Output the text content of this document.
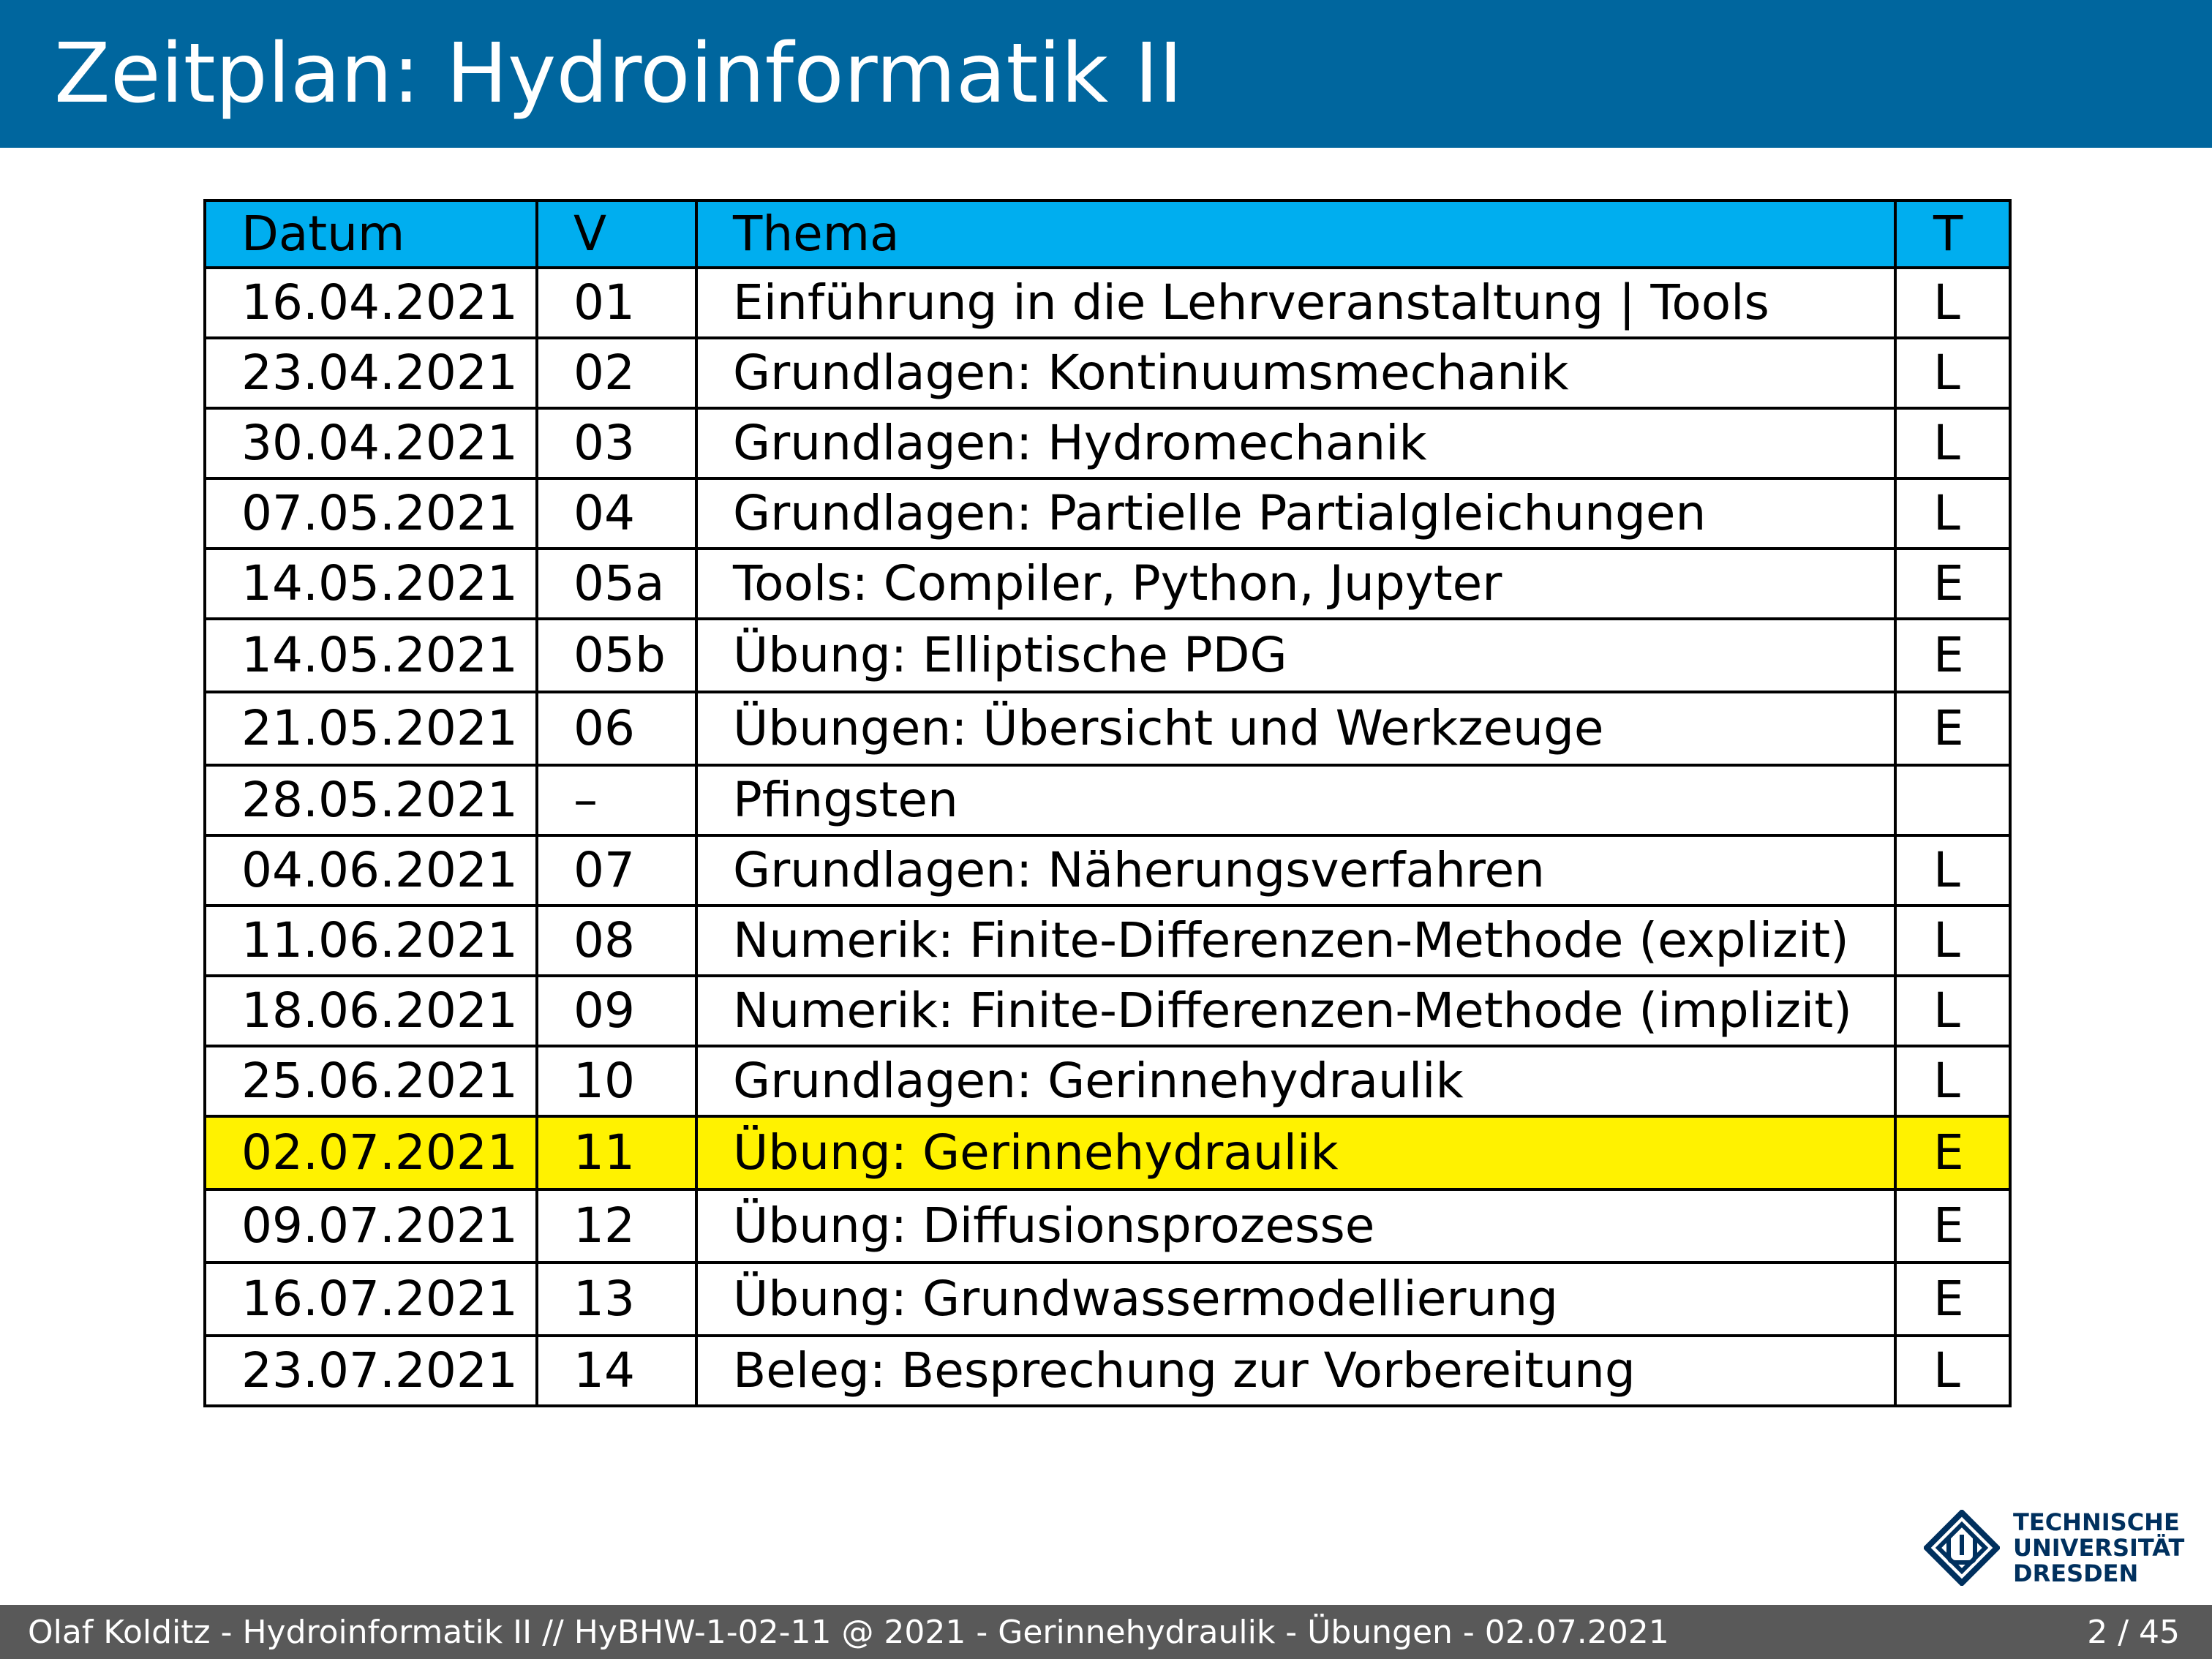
Zeitplan: Hydroinformatik II
Datum	V	Thema	T
16.04.2021	01	Einführung in die Lehrveranstaltung | Tools	L
23.04.2021	02	Grundlagen: Kontinuumsmechanik	L
30.04.2021	03	Grundlagen: Hydromechanik	L
07.05.2021	04	Grundlagen: Partielle Partialgleichungen	L
14.05.2021	05a	Tools: Compiler, Python, Jupyter	E
14.05.2021	05b	Übung: Elliptische PDG	E
21.05.2021	06	Übungen: Übersicht und Werkzeuge	E
28.05.2021	–	Pfingsten	
04.06.2021	07	Grundlagen: Näherungsverfahren	L
11.06.2021	08	Numerik: Finite-Differenzen-Methode (explizit)	L
18.06.2021	09	Numerik: Finite-Differenzen-Methode (implizit)	L
25.06.2021	10	Grundlagen: Gerinnehydraulik	L
02.07.2021	11	Übung: Gerinnehydraulik	E
09.07.2021	12	Übung: Diffusionsprozesse	E
16.07.2021	13	Übung: Grundwassermodellierung	E
23.07.2021	14	Beleg: Besprechung zur Vorbereitung	L
TECHNISCHE
UNIVERSITÄT
DRESDEN
Olaf Kolditz - Hydroinformatik II // HyBHW-1-02-11 @ 2021 - Gerinnehydraulik - Übungen - 02.07.2021	2 / 45
